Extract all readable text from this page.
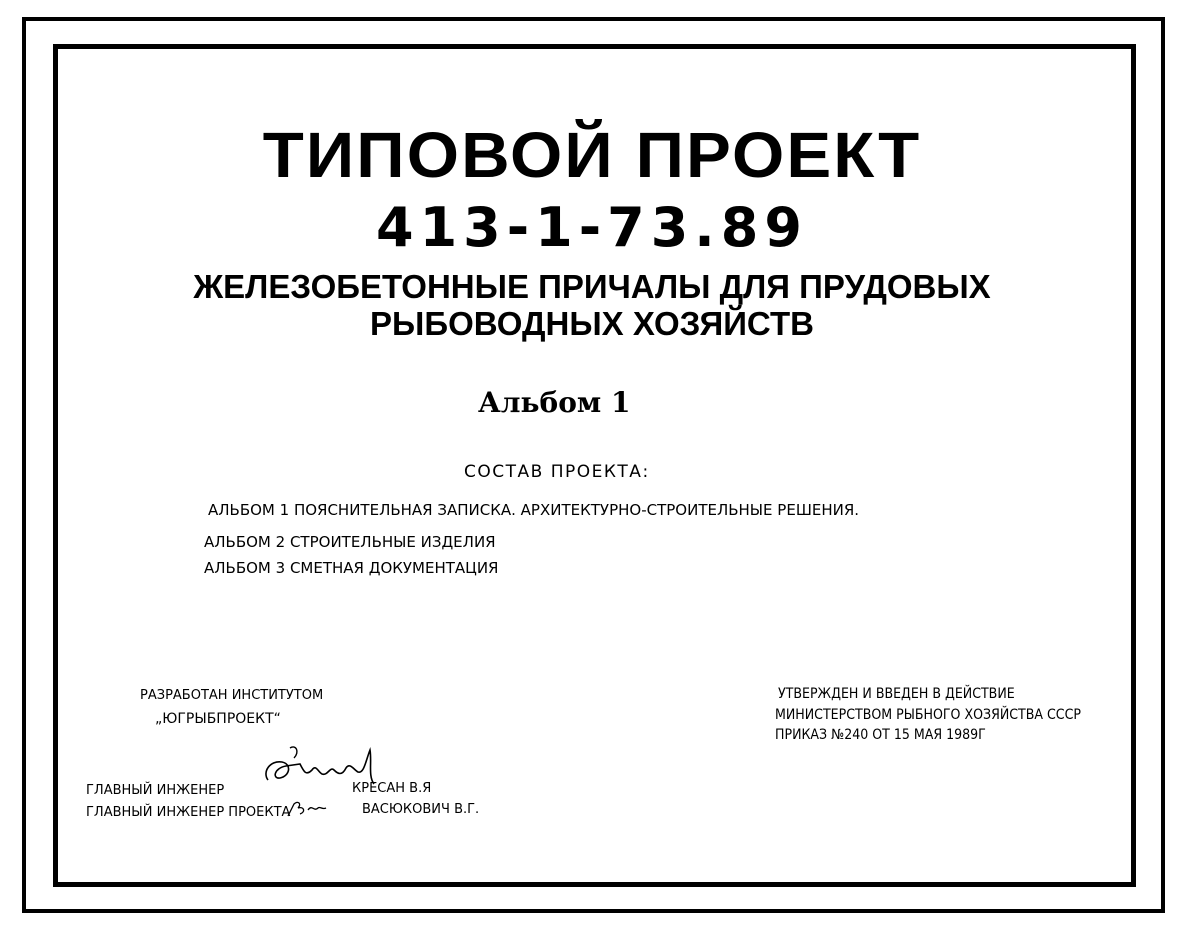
ТИПОВОЙ ПРОЕКТ
413-1-73.89
ЖЕЛЕЗОБЕТОННЫЕ ПРИЧАЛЫ ДЛЯ ПРУДОВЫХ
РЫБОВОДНЫХ ХОЗЯЙСТВ
Альбом 1
СОСТАВ ПРОЕКТА:
АЛЬБОМ 1 ПОЯСНИТЕЛЬНАЯ ЗАПИСКА. АРХИТЕКТУРНО-СТРОИТЕЛЬНЫЕ РЕШЕНИЯ.
АЛЬБОМ 2 СТРОИТЕЛЬНЫЕ ИЗДЕЛИЯ
АЛЬБОМ 3 СМЕТНАЯ ДОКУМЕНТАЦИЯ
РАЗРАБОТАН ИНСТИТУТОМ
„ЮГРЫБПРОЕКТ“
УТВЕРЖДЕН И ВВЕДЕН В ДЕЙСТВИЕ
МИНИСТЕРСТВОМ РЫБНОГО ХОЗЯЙСТВА СССР
ПРИКАЗ №240 ОТ 15 МАЯ 1989Г
ГЛАВНЫЙ ИНЖЕНЕР	КРЕСАН В.Я
ГЛАВНЫЙ ИНЖЕНЕР ПРОЕКТА	ВАСЮКОВИЧ В.Г.
